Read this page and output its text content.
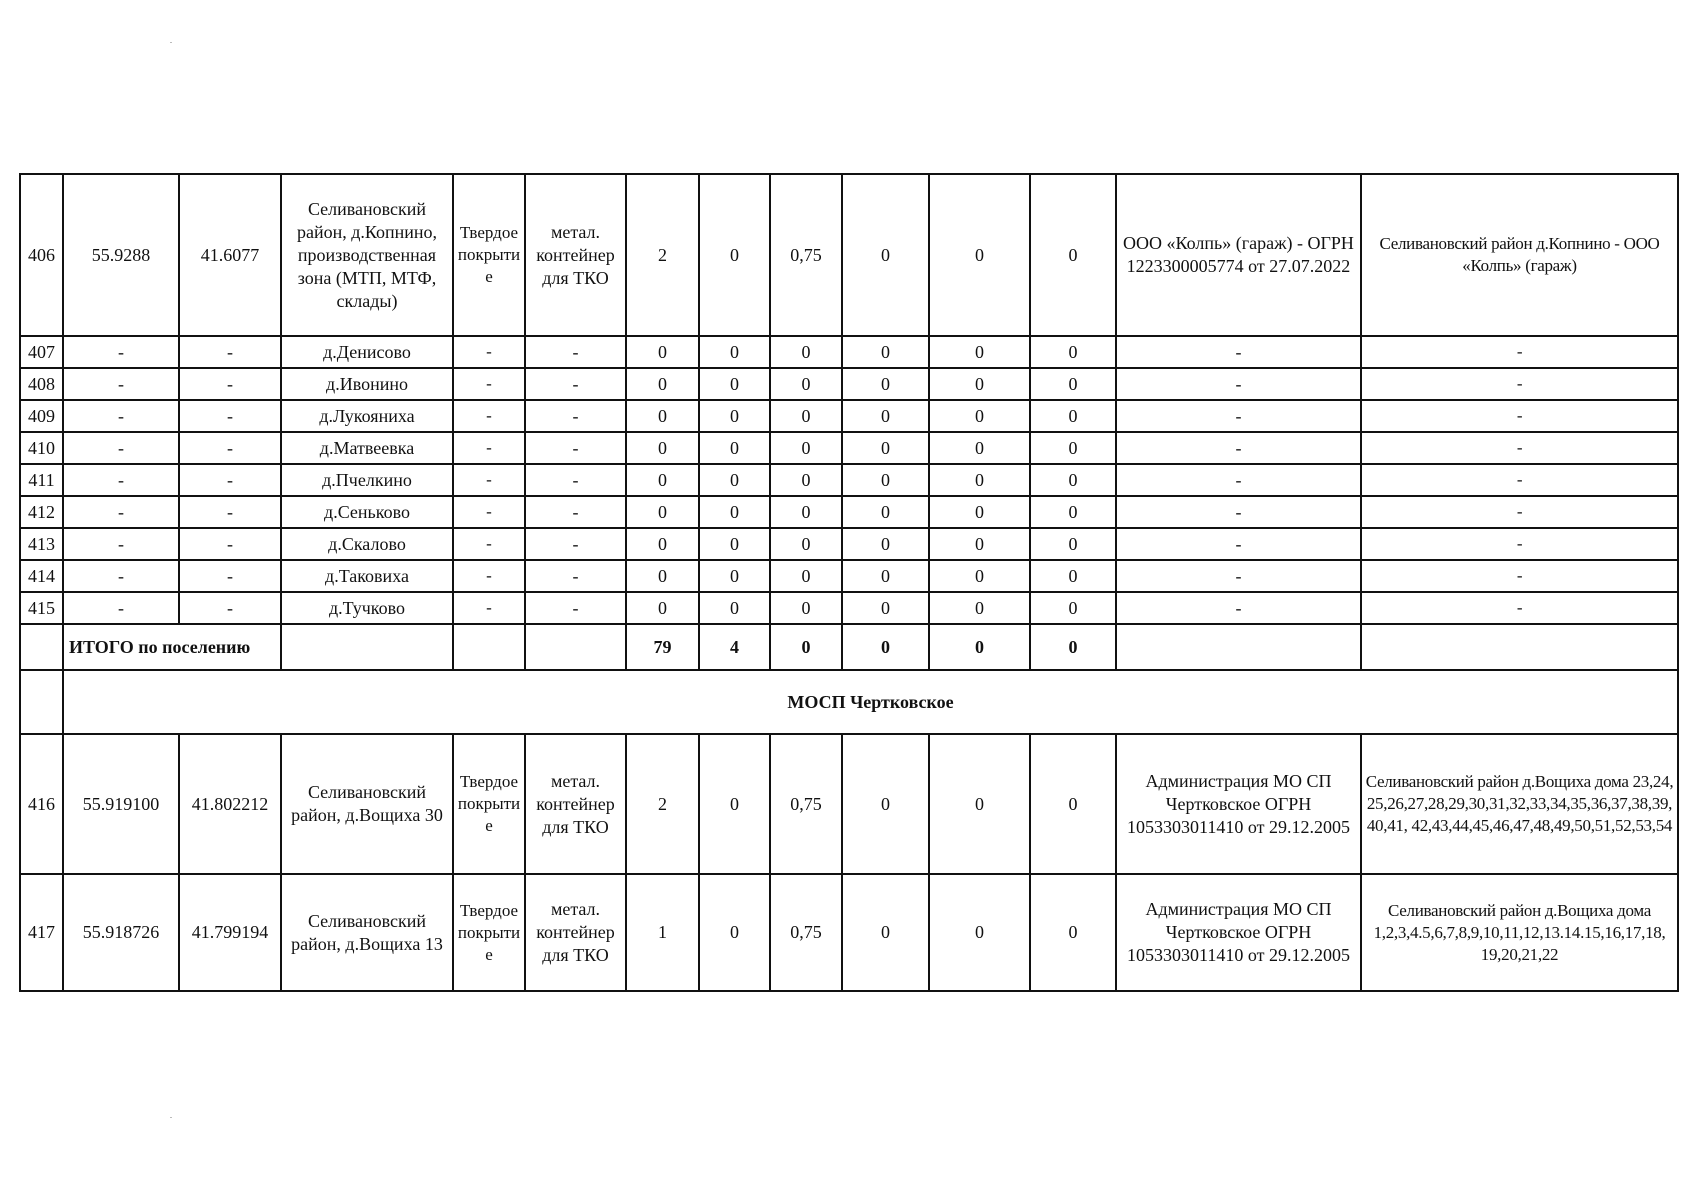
406	55.9288	41.6077	Селивановский район, д.Копнино, производственная зона (МТП, МТФ, склады)	Твердое покрытие	метал. контейнер для ТКО	2	0	0,75	0	0	0	ООО «Колпь» (гараж) - ОГРН 1223300005774 от 27.07.2022	Селивановский район д.Копнино - ООО «Колпь» (гараж)
407	-	-	д.Денисово	-	-	0	0	0	0	0	0	-	-
408	-	-	д.Ивонино	-	-	0	0	0	0	0	0	-	-
409	-	-	д.Лукояниха	-	-	0	0	0	0	0	0	-	-
410	-	-	д.Матвеевка	-	-	0	0	0	0	0	0	-	-
411	-	-	д.Пчелкино	-	-	0	0	0	0	0	0	-	-
412	-	-	д.Сеньково	-	-	0	0	0	0	0	0	-	-
413	-	-	д.Скалово	-	-	0	0	0	0	0	0	-	-
414	-	-	д.Таковиха	-	-	0	0	0	0	0	0	-	-
415	-	-	д.Тучково	-	-	0	0	0	0	0	0	-	-
	ИТОГО по поселению					79	4	0	0	0	0		
	МОСП Чертковское												
416	55.919100	41.802212	Селивановский район, д.Вощиха 30	Твердое покрытие	метал. контейнер для ТКО	2	0	0,75	0	0	0	Администрация МО СП Чертковское ОГРН 1053303011410 от 29.12.2005	Селивановский район д.Вощиха дома 23,24, 25,26,27,28,29,30,31,32,33,34,35,36,37,38,39, 40,41, 42,43,44,45,46,47,48,49,50,51,52,53,54
417	55.918726	41.799194	Селивановский район, д.Вощиха 13	Твердое покрытие	метал. контейнер для ТКО	1	0	0,75	0	0	0	Администрация МО СП Чертковское ОГРН 1053303011410 от 29.12.2005	Селивановский район д.Вощиха дома 1,2,3,4.5,6,7,8,9,10,11,12,13.14.15,16,17,18, 19,20,21,22
